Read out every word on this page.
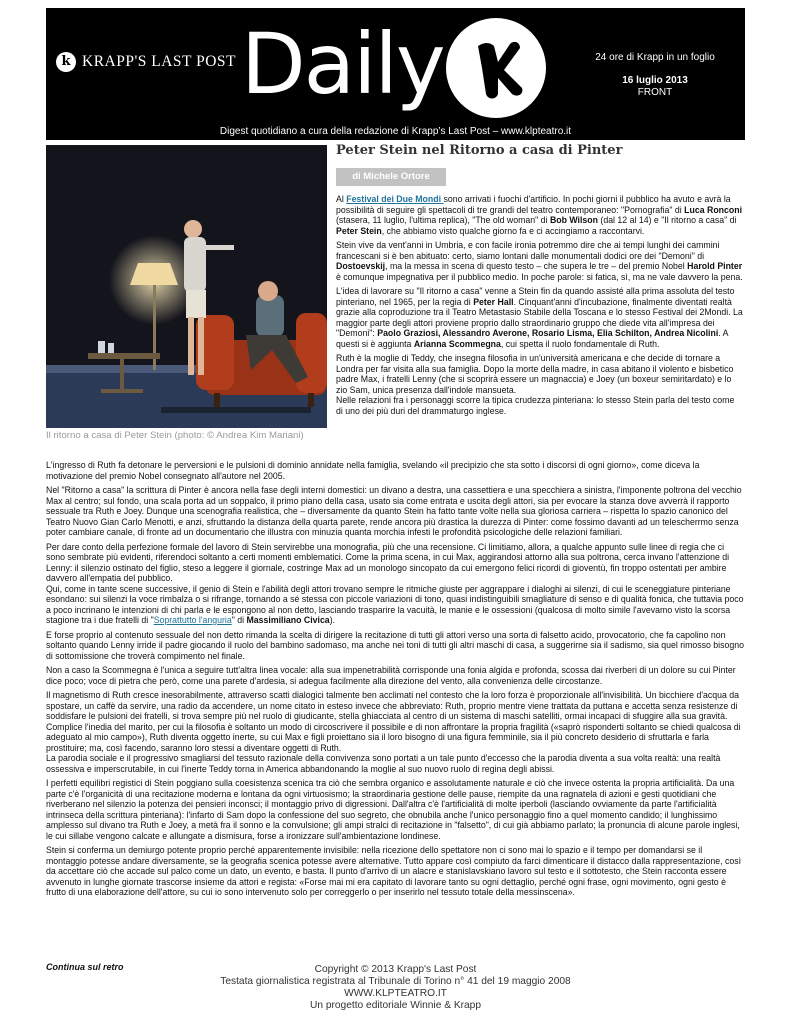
k KRAPP'S LAST POST Daily	24 ore di Krapp in un foglio
16 luglio 2013
FRONT
Digest quotidiano a cura della redazione di Krapp’s Last Post – www.klpteatro.it
Il ritorno a casa di Peter Stein (photo: © Andrea Kim Mariani)
Peter Stein nel Ritorno a casa di Pinter
di Michele Ortore

Al Festival dei Due Mondi sono arrivati i fuochi d'artificio. In pochi giorni il pubblico ha avuto e avrà la possibilità di seguire gli spettacoli di tre grandi del teatro contemporaneo: "Pornografia" di Luca Ronconi (stasera, 11 luglio, l'ultima replica), "The old woman" di Bob Wilson (dal 12 al 14) e "Il ritorno a casa" di Peter Stein, che abbiamo visto qualche giorno fa e ci accingiamo a raccontarvi.

Stein vive da vent'anni in Umbria, e con facile ironia potremmo dire che ai tempi lunghi dei cammini francescani si è ben abituato: certo, siamo lontani dalle monumentali dodici ore dei "Demoni" di Dostoevskij, ma la messa in scena di questo testo – che supera le tre – del premio Nobel Harold Pinter è comunque impegnativa per il pubblico medio. In poche parole: si fatica, sì, ma ne vale davvero la pena.

L'idea di lavorare su "Il ritorno a casa" venne a Stein fin da quando assisté alla prima assoluta del testo pinteriano, nel 1965, per la regia di Peter Hall. Cinquant'anni d'incubazione, finalmente diventati realtà grazie alla coproduzione tra il Teatro Metastasio Stabile della Toscana e lo stesso Festival dei 2Mondi. La maggior parte degli attori proviene proprio dallo straordinario gruppo che diede vita all'impresa dei "Demoni": Paolo Graziosi, Alessandro Averone, Rosario Lisma, Elia Schilton, Andrea Nicolini. A questi si è aggiunta Arianna Scommegna, cui spetta il ruolo fondamentale di Ruth.

Ruth è la moglie di Teddy, che insegna filosofia in un'università americana e che decide di tornare a Londra per far visita alla sua famiglia. Dopo la morte della madre, in casa abitano il violento e bisbetico padre Max, i fratelli Lenny (che si scoprirà essere un magnaccia) e Joey (un boxeur semiritardato) e lo zio Sam, unica presenza dall'indole mansueta.
Nelle relazioni fra i personaggi scorre la tipica crudezza pinteriana: lo stesso Stein parla del testo come di uno dei più duri del drammaturgo inglese.

L'ingresso di Ruth fa detonare le perversioni e le pulsioni di dominio annidate nella famiglia, svelando «il precipizio che sta sotto i discorsi di ogni giorno», come diceva la motivazione del premio Nobel consegnato all'autore nel 2005.

Nel "Ritorno a casa" la scrittura di Pinter è ancora nella fase degli interni domestici: un divano a destra, una cassettiera e una specchiera a sinistra, l'imponente poltrona del vecchio Max al centro; sul fondo, una scala porta ad un soppalco, il primo piano della casa, usato sia come entrata e uscita degli attori, sia per evocare la stanza dove avverrà il rapporto sessuale tra Ruth e Joey. Dunque una scenografia realistica, che – diversamente da quanto Stein ha fatto tante volte nella sua gloriosa carriera – rispetta lo spazio canonico del Teatro Nuovo Gian Carlo Menotti, e anzi, sfruttando la distanza della quarta parete, rende ancora più drastica la durezza di Pinter: come fossimo davanti ad un telescherrmo senza poter cambiare canale, di fronte ad un documentario che illustra con minuzia quanta morchia infesti le profondità psicologiche delle relazioni familiari.

Per dare conto della perfezione formale del lavoro di Stein servirebbe una monografia, più che una recensione. Ci limitiamo, allora, a qualche appunto sulle linee di regia che ci sono sembrate più evidenti, riferendoci soltanto a certi momenti emblematici. Come la prima scena, in cui Max, aggirandosi attorno alla sua poltrona, cerca invano l'attenzione di Lenny: il silenzio ostinato del figlio, steso a leggere il giornale, costringe Max ad un monologo sincopato da cui emergono felici ricordi di gioventù, fin troppo ostentati per ambire davvero all'empatia del pubblico.
Qui, come in tante scene successive, il genio di Stein e l'abilità degli attori trovano sempre le ritmiche giuste per aggrappare i dialoghi ai silenzi, di cui le sceneggiature pinteriane esondano: sui silenzi la voce rimbalza o si rifrange, tornando a sé stessa con piccole variazioni di tono, quasi indistinguibili smagliature di senso e di qualità fonica, che tuttavia poco a poco incrinano le intenzioni di chi parla e le espongono al non detto, lasciando trasparire la vacuità, le manie e le ossessioni (qualcosa di molto simile l'avevamo visto la scorsa stagione tra i due fratelli di "Soprattutto l'anguria" di Massimiliano Civica).

E forse proprio al contenuto sessuale del non detto rimanda la scelta di dirigere la recitazione di tutti gli attori verso una sorta di falsetto acido, provocatorio, che fa capolino non soltanto quando Lenny irride il padre giocando il ruolo del bambino sadomaso, ma anche nei toni di tutti gli altri maschi di casa, a suggerirne sia il sadismo, sia quel rimosso bisogno di sottomissione che troverà compimento nel finale.

Non a caso la Scommegna è l'unica a seguire tutt'altra linea vocale: alla sua impenetrabilità corrisponde una fonia algida e profonda, scossa dai riverberi di un dolore su cui Pinter dice poco; voce di pietra che però, come una parete d'ardesia, si adegua facilmente alla direzione del vento, alla convenienza delle circostanze.

Il magnetismo di Ruth cresce inesorabilmente, attraverso scatti dialogici talmente ben acclimati nel contesto che la loro forza è proporzionale all'invisibilità. Un bicchiere d'acqua da spostare, un caffè da servire, una radio da accendere, un nome citato in esteso invece che abbreviato: Ruth, proprio mentre viene trattata da puttana e accetta senza resistenze di soddisfare le pulsioni dei fratelli, si trova sempre più nel ruolo di giudicante, stella ghiacciata al centro di un sistema di maschi satelliti, ormai incapaci di sfuggire alla sua gravità.
Complice l'inedia del marito, per cui la filosofia è soltanto un modo di circoscrivere il possibile e di non affrontare la propria fragilità («saprò risponderti soltanto se chiedi qualcosa di adeguato al mio campo»), Ruth diventa oggetto inerte, su cui Max e figli proiettano sia il loro bisogno di una figura femminile, sia il più concreto desiderio di sfruttarla e farla prostituire; ma, così facendo, saranno loro stessi a diventare oggetti di Ruth.
La parodia sociale e il progressivo smagliarsi del tessuto razionale della convivenza sono portati a un tale punto d'eccesso che la parodia diventa a sua volta realtà: una realtà ossessiva e imperscrutabile, in cui l'inerte Teddy torna in America abbandonando la moglie al suo nuovo ruolo di regina degli abissi.

I perfetti equilibri registici di Stein poggiano sulla coesistenza scenica tra ciò che sembra organico e assolutamente naturale e ciò che invece ostenta la propria artificialità. Da una parte c'è l'organicità di una recitazione moderna e lontana da ogni virtuosismo; la straordinaria gestione delle pause, riempite da una ragnatela di azioni e gesti quotidiani che riverberano nel silenzio la potenza dei pensieri inconsci; il montaggio privo di digressioni. Dall'altra c'è l'artificialità di molte iperboli (lasciando ovviamente da parte l'artificialità intrinseca della scrittura pinteriana): l'infarto di Sam dopo la confessione del suo segreto, che obnubila anche l'unico personaggio fino a quel momento candido; il lunghissimo amplesso sul divano tra Ruth e Joey, a metà fra il sonno e la convulsione; gli ampi stralci di recitazione in "falsetto", di cui già abbiamo parlato; la pronuncia di alcune parole inglesi, le cui sillabe vengono calcate e allungate a dismisura, forse a ironizzare sull'ambientazione londinese.

Stein si conferma un demiurgo potente proprio perché apparentemente invisibile: nella ricezione dello spettatore non ci sono mai lo spazio e il tempo per domandarsi se il montaggio potesse andare diversamente, se la geografia scenica potesse avere alternative. Tutto appare così compiuto da farci dimenticare il distacco dalla rappresentazione, così da accettare ciò che accade sul palco come un dato, un evento, e basta. Il punto d'arrivo di un alacre e stanislavskiano lavoro sul testo e il sottotesto, che Stein racconta essere avvenuto in lunghe giornate trascorse insieme da attori e regista: «Forse mai mi era capitato di lavorare tanto su ogni dettaglio, perché ogni frase, ogni movimento, ogni gesto è frutto di una elaborazione dell'attore, su cui io sono intervenuto solo per correggerlo o per inserirlo nel tessuto totale della messinscena».

Continua sul retro	Copyright © 2013 Krapp's Last Post
Testata giornalistica registrata al Tribunale di Torino n° 41 del 19 maggio 2008
WWW.KLPTEATRO.IT
Un progetto editoriale Winnie & Krapp
